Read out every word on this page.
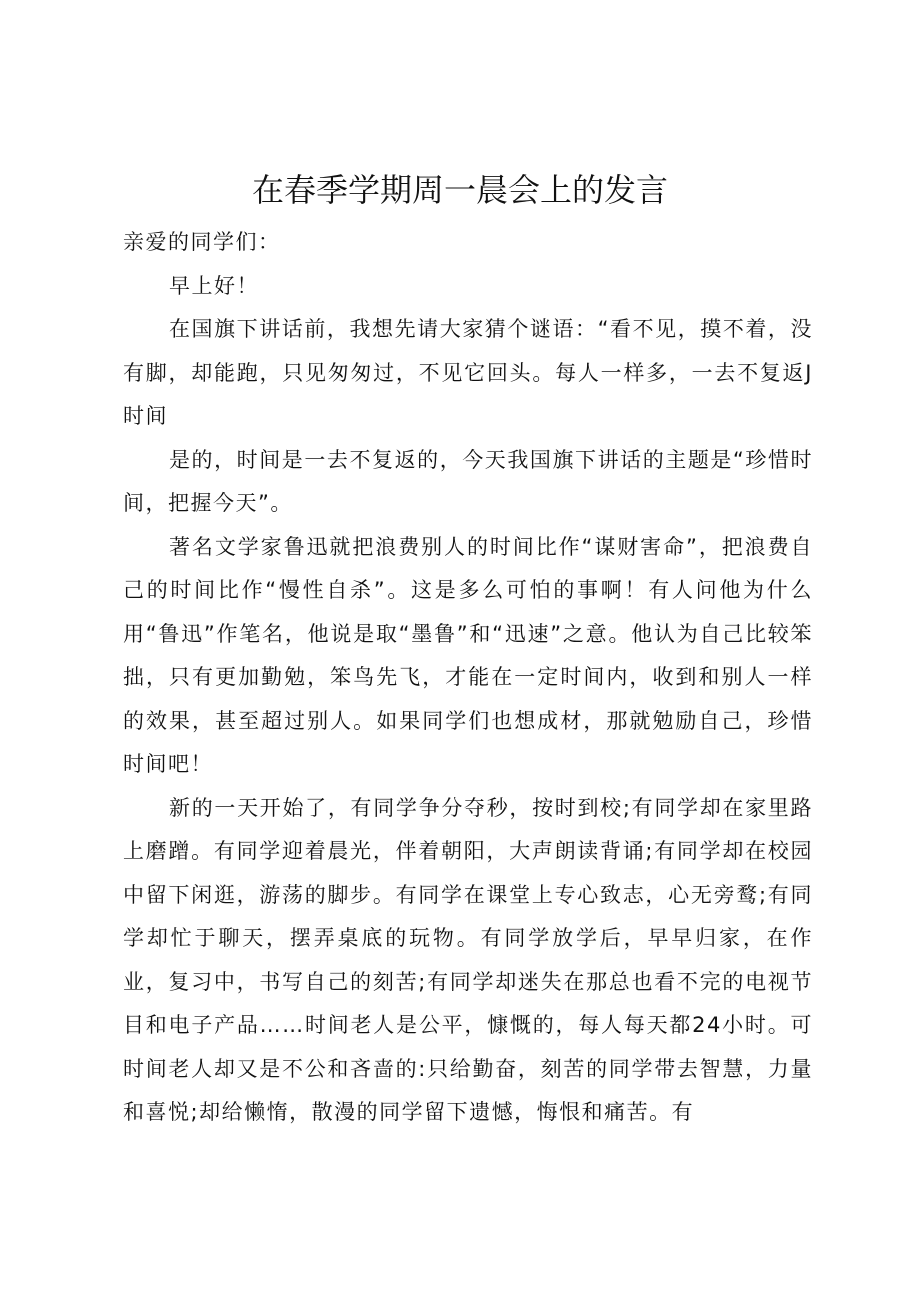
在春季学期周一晨会上的发言

亲爱的同学们：

早上好！

在国旗下讲话前，我想先请大家猜个谜语：“看不见，摸不着，没有脚，却能跑，只见匆匆过，不见它回头。每人一样多，一去不复返J时间

是的，时间是一去不复返的，今天我国旗下讲话的主题是“珍惜时间，把握今天”。

著名文学家鲁迅就把浪费别人的时间比作“谋财害命”，把浪费自己的时间比作“慢性自杀”。这是多么可怕的事啊！有人问他为什么用“鲁迅”作笔名，他说是取“墨鲁”和“迅速”之意。他认为自己比较笨拙，只有更加勤勉，笨鸟先飞，才能在一定时间内，收到和别人一样的效果，甚至超过别人。如果同学们也想成材，那就勉励自己，珍惜时间吧！

新的一天开始了，有同学争分夺秒，按时到校;有同学却在家里路上磨蹭。有同学迎着晨光，伴着朝阳，大声朗读背诵;有同学却在校园中留下闲逛，游荡的脚步。有同学在课堂上专心致志，心无旁鹜;有同学却忙于聊天，摆弄桌底的玩物。有同学放学后，早早归家，在作业，复习中，书写自己的刻苦;有同学却迷失在那总也看不完的电视节目和电子产品……时间老人是公平，慷慨的，每人每天都24小时。可时间老人却又是不公和吝啬的:只给勤奋，刻苦的同学带去智慧，力量和喜悦;却给懒惰，散漫的同学留下遗憾，悔恨和痛苦。有
